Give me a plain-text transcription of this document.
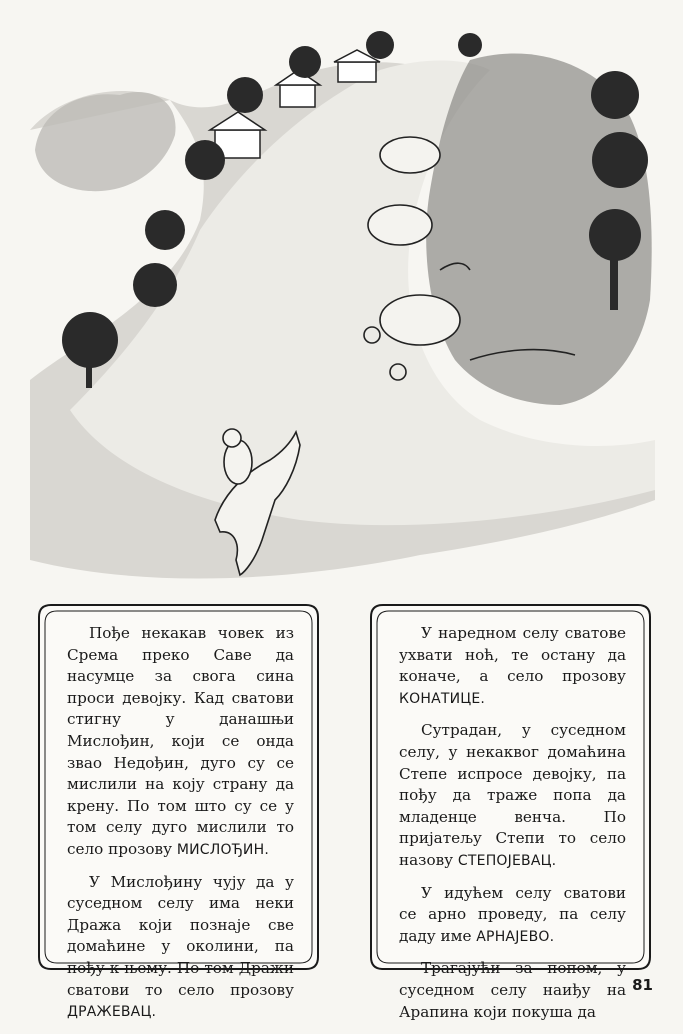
Пође некакав човек из Срема преко Саве да насумце за свога сина проси девојку. Кад сватови стигну у данашњи Мислођин, који се онда звао Недођин, дуго су се мислили на коју страну да крену. По том што су се у том селу дуго мислили то село прозову МИСЛОЂИН.

У Мислођину чују да у суседном селу има неки Дража који познаје све домаћине у околини, па пођу к њему. По том Дражи сватови то село прозову ДРАЖЕВАЦ.

У наредном селу сватове ухвати ноћ, те остану да коначе, а село прозову КОНАТИЦЕ.

Сутрадан, у суседном селу, у некаквог домаћина Степе испросе девојку, па пођу да траже попа да младенце венча. По пријатељу Степи то село назову СТЕПОЈЕВАЦ.

У идућем селу сватови се арно проведу, па селу даду име АРНАЈЕВО.

Трагајући за попом, у суседном селу наиђу на Арапина који покуша да

81
